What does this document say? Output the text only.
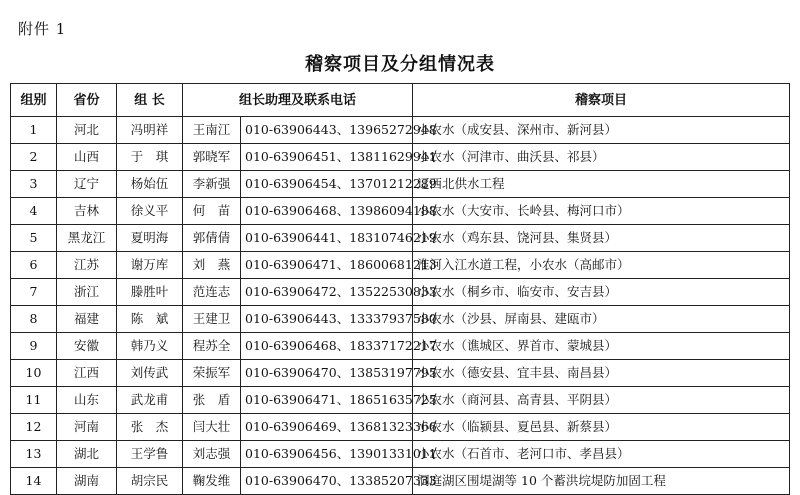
附件 1
稽察项目及分组情况表
组别	省份	组 长	组长助理及联系电话		稽察项目
1	河北	冯明祥	王南江	010-63906443、13965272948	小农水（成安县、深州市、新河县）
2	山西	于　琪	郭晓军	010-63906451、13811629941	小农水（河津市、曲沃县、祁县）
3	辽宁	杨始伍	李新强	010-63906454、13701212289	辽西北供水工程
4	吉林	徐义平	何　苗	010-63906468、13986094188	小农水（大安市、长岭县、梅河口市）
5	黑龙江	夏明海	郭倩倩	010-63906441、18310746219	小农水（鸡东县、饶河县、集贤县）
6	江苏	谢万库	刘　燕	010-63906471、18600681213	淮河入江水道工程，小农水（高邮市）
7	浙江	滕胜叶	范连志	010-63906472、13522530833	小农水（桐乡市、临安市、安吉县）
8	福建	陈　斌	王建卫	010-63906443、13337937580	小农水（沙县、屏南县、建瓯市）
9	安徽	韩乃义	程苏全	010-63906468、18337172217	小农水（谯城区、界首市、蒙城县）
10	江西	刘传武	荣振军	010-63906470、13853197795	小农水（德安县、宜丰县、南昌县）
11	山东	武龙甫	张　盾	010-63906471、18651635725	小农水（商河县、高青县、平阴县）
12	河南	张　杰	闫大壮	010-63906469、13681323366	小农水（临颍县、夏邑县、新蔡县）
13	湖北	王学鲁	刘志强	010-63906456、13901331011	小农水（石首市、老河口市、孝昌县）
14	湖南	胡宗民	鞠发维	010-63906470、13385207333	洞庭湖区围堤湖等 10 个蓄洪垸堤防加固工程
